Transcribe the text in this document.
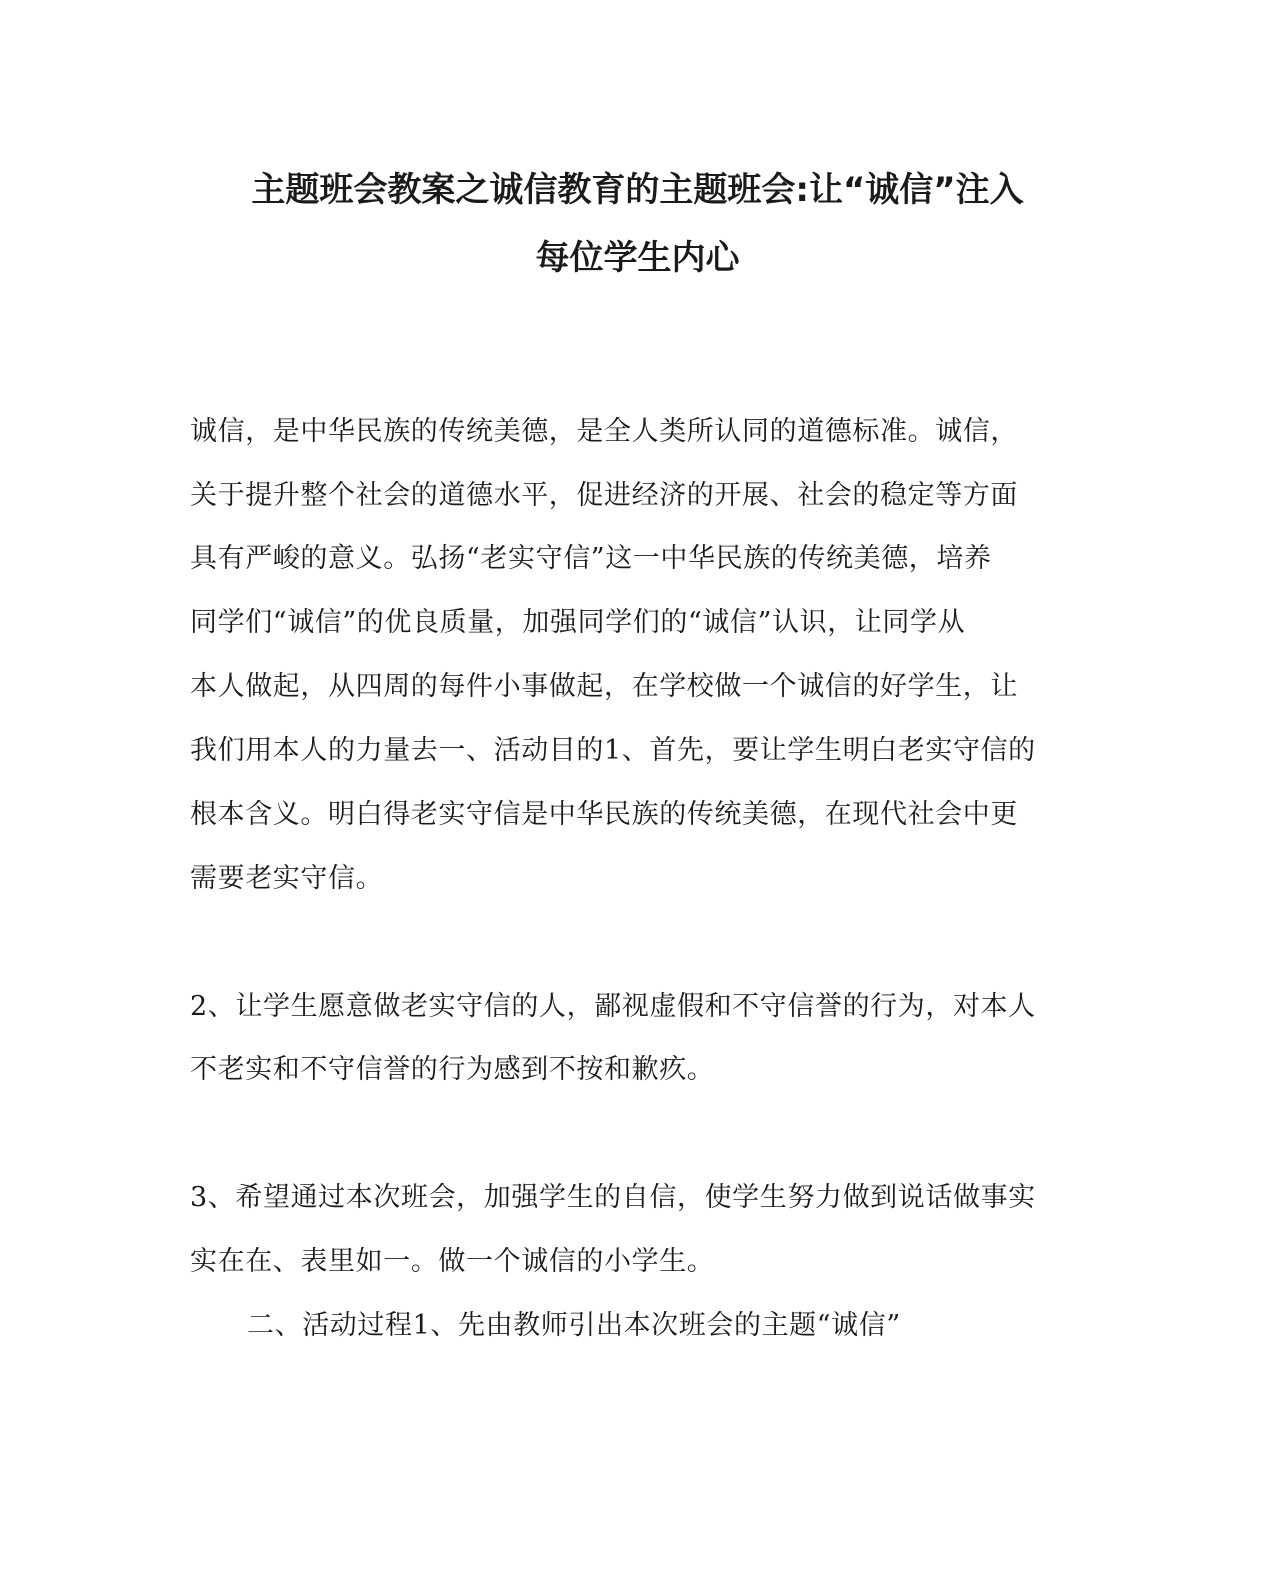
主题班会教案之诚信教育的主题班会:让“诚信”注入
每位学生内心
诚信，是中华民族的传统美德，是全人类所认同的道德标准。诚信，
关于提升整个社会的道德水平，促进经济的开展、社会的稳定等方面
具有严峻的意义。弘扬“老实守信”这一中华民族的传统美德，培养
同学们“诚信”的优良质量，加强同学们的“诚信”认识，让同学从
本人做起，从四周的每件小事做起，在学校做一个诚信的好学生，让
我们用本人的力量去一、活动目的1、首先，要让学生明白老实守信的
根本含义。明白得老实守信是中华民族的传统美德，在现代社会中更
需要老实守信。
2、让学生愿意做老实守信的人，鄙视虚假和不守信誉的行为，对本人
不老实和不守信誉的行为感到不按和歉疚。
3、希望通过本次班会，加强学生的自信，使学生努力做到说话做事实
实在在、表里如一。做一个诚信的小学生。
二、活动过程1、先由教师引出本次班会的主题“诚信”
